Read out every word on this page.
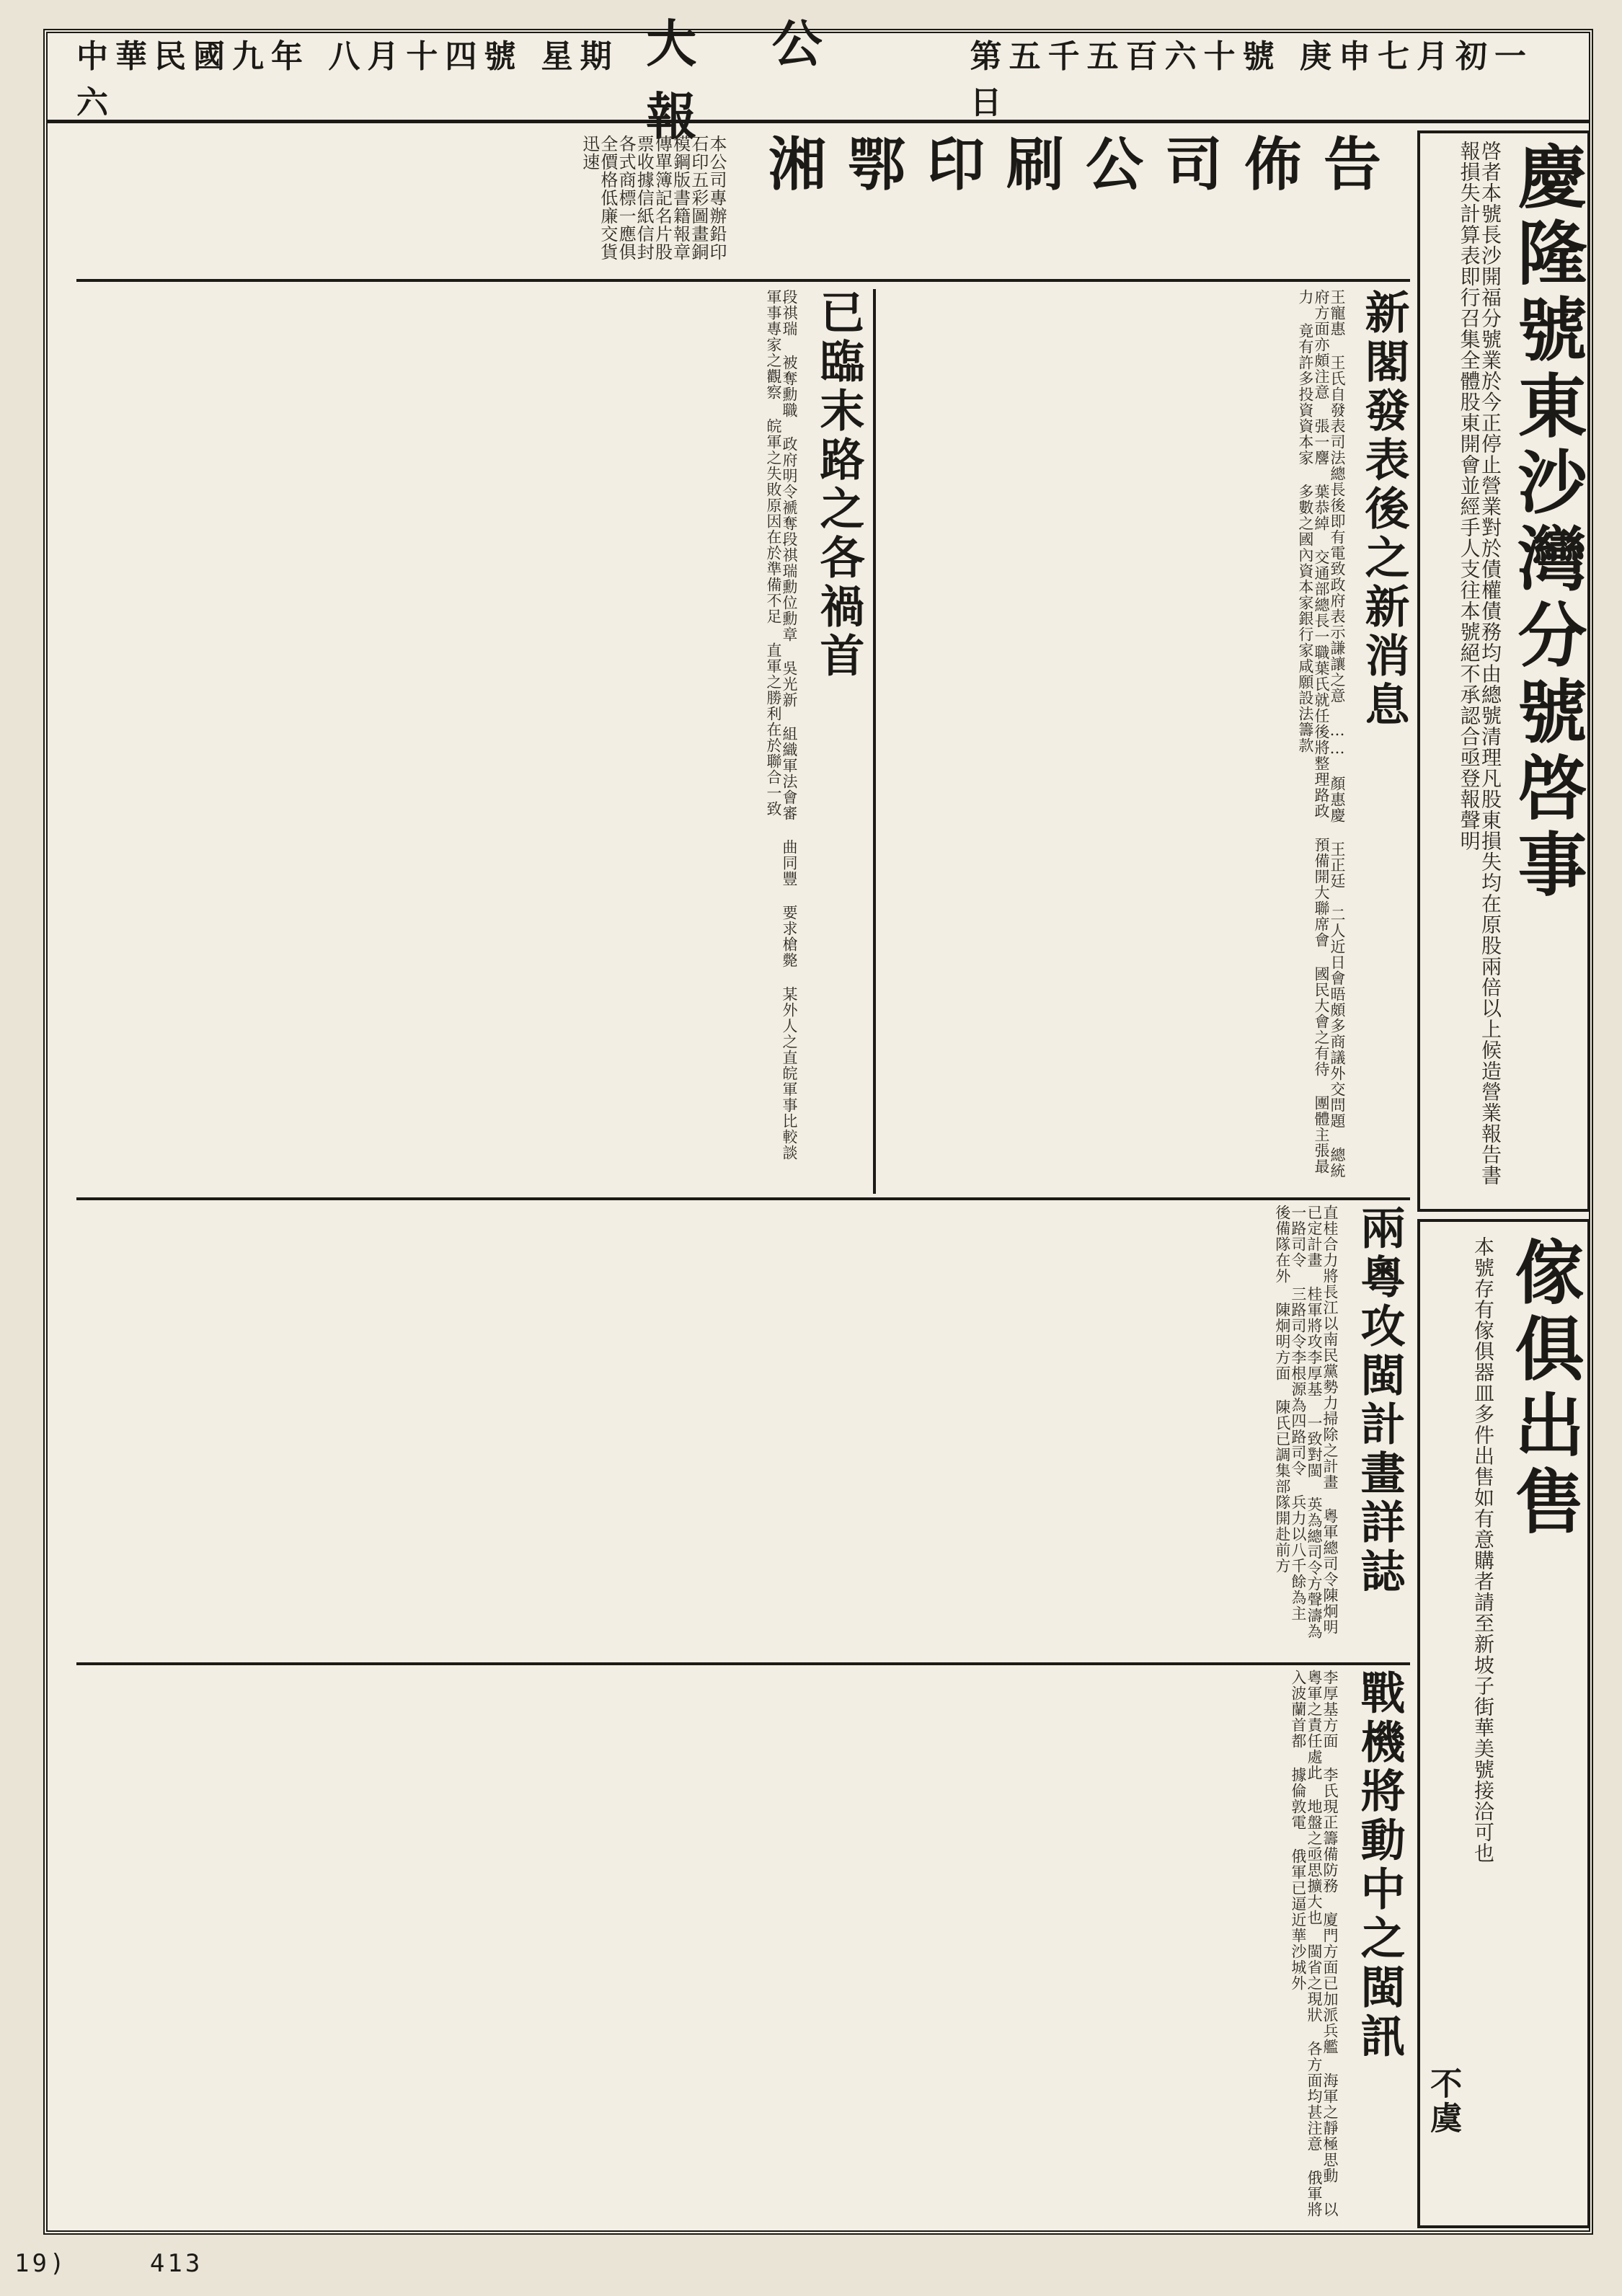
中華民國九年 八月十四號 星期六
大 公 報
第五千五百六十號 庚申七月初一日
慶隆號東沙灣分號啓事
啓者本號長沙開福分號業於今正停止營業對於債權債務均由總號清理凡股東損失均在原股兩倍以上候造營業報告書報損失計算表即行召集全體股東開會並經手人支往本號絕不承認合亟登報聲明
湘鄂印刷公司佈告
本公司專辦鉛印石印五彩圖畫銅模鋼版書籍報章傳單簿記名片股票收據信紙信封各式商標一應俱全價格低廉交貨迅速
傢俱出售
本號存有傢俱器皿多件出售如有意購者請至新坡子街華美號接洽可也
不虞
新閣發表後之新消息
王寵惠 王氏自發表司法總長後即有電致政府表示謙讓之意 …… 顏惠慶 王正廷 二人近日會晤頗多商議外交問題 總統府方面亦頗注意 張一麐 葉恭綽 交通部總長一職葉氏就任後將整理路政 預備開大聯席會 國民大會之有待 團體主張最力 竟有許多投資資本家 多數之國內資本家銀行家咸願設法籌款
已臨末路之各禍首
段祺瑞 被奪勳職 政府明令褫奪段祺瑞勳位勳章 吳光新 組織軍法會審 曲同豐 要求槍斃 某外人之直皖軍事比較談 軍事專家之觀察 皖軍之失敗原因在於準備不足 直軍之勝利在於聯合一致
兩粵攻閩計畫詳誌
直桂合力將長江以南民黨勢力掃除之計畫 粵軍總司令陳炯明已定計畫 桂軍將攻李厚基 一致對閩 英為總司令方聲濤為一路司令 三路司令李根源為四路司令 兵力以八千餘為主 後備隊在外 陳炯明方面 陳氏已調集部隊開赴前方
戰機將動中之閩訊
李厚基方面 李氏現正籌備防務 廈門方面已加派兵艦 海軍之靜極思動 以粵軍之責任處此 地盤之亟思擴大也 閩省之現狀 各方面均甚注意 俄軍將入波蘭首都 據倫敦電 俄軍已逼近華沙城外
19)	413
